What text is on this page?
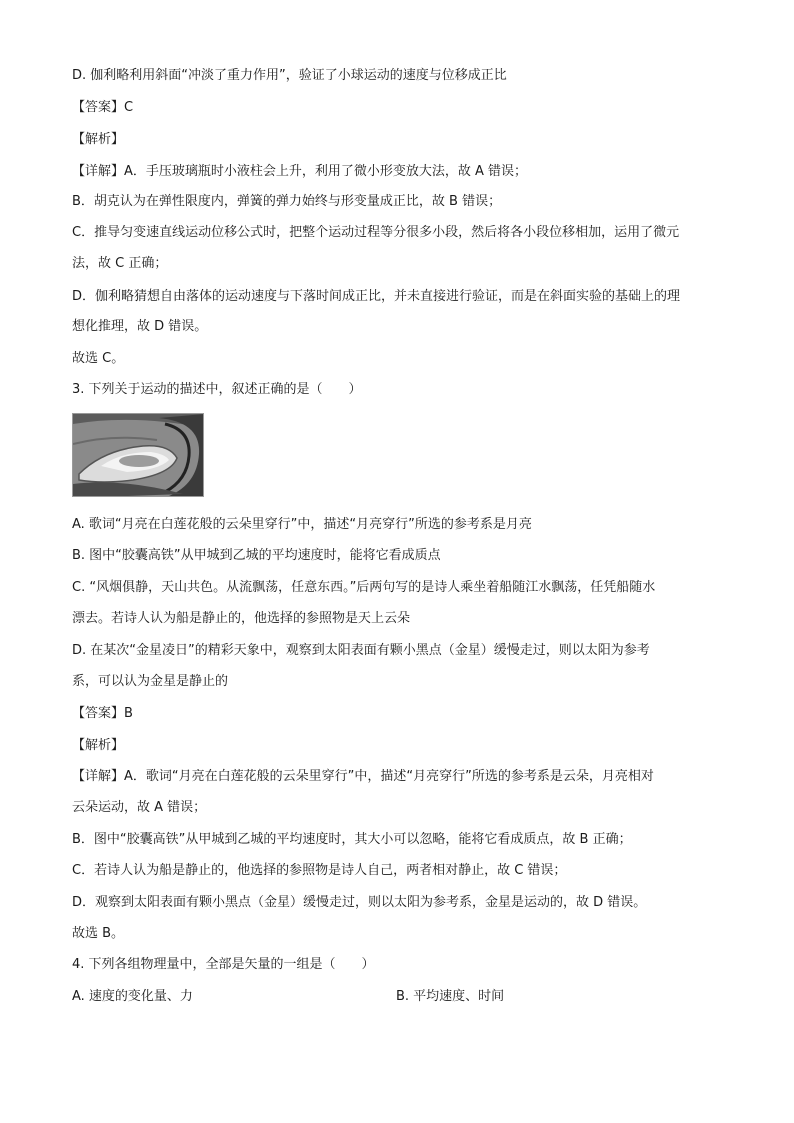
D. 伽利略利用斜面“冲淡了重力作用”，验证了小球运动的速度与位移成正比
【答案】C
【解析】
【详解】A．手压玻璃瓶时小液柱会上升，利用了微小形变放大法，故 A 错误；
B．胡克认为在弹性限度内，弹簧的弹力始终与形变量成正比，故 B 错误；
C．推导匀变速直线运动位移公式时，把整个运动过程等分很多小段，然后将各小段位移相加，运用了微元
法，故 C 正确；
D．伽利略猜想自由落体的运动速度与下落时间成正比，并未直接进行验证，而是在斜面实验的基础上的理
想化推理，故 D 错误。
故选 C。
3. 下列关于运动的描述中，叙述正确的是（　　）
A. 歌词“月亮在白莲花般的云朵里穿行”中，描述“月亮穿行”所选的参考系是月亮
B. 图中“胶囊高铁”从甲城到乙城的平均速度时，能将它看成质点
C. “风烟俱静，天山共色。从流飘荡，任意东西。”后两句写的是诗人乘坐着船随江水飘荡，任凭船随水
漂去。若诗人认为船是静止的，他选择的参照物是天上云朵
D. 在某次“金星凌日”的精彩天象中，观察到太阳表面有颗小黑点（金星）缓慢走过，则以太阳为参考
系，可以认为金星是静止的
【答案】B
【解析】
【详解】A．歌词“月亮在白莲花般的云朵里穿行”中，描述“月亮穿行”所选的参考系是云朵，月亮相对
云朵运动，故 A 错误；
B．图中“胶囊高铁”从甲城到乙城的平均速度时，其大小可以忽略，能将它看成质点，故 B 正确；
C．若诗人认为船是静止的，他选择的参照物是诗人自己，两者相对静止，故 C 错误；
D．观察到太阳表面有颗小黑点（金星）缓慢走过，则以太阳为参考系，金星是运动的，故 D 错误。
故选 B。
4. 下列各组物理量中，全部是矢量的一组是（　　）
A. 速度的变化量、力	B. 平均速度、时间
